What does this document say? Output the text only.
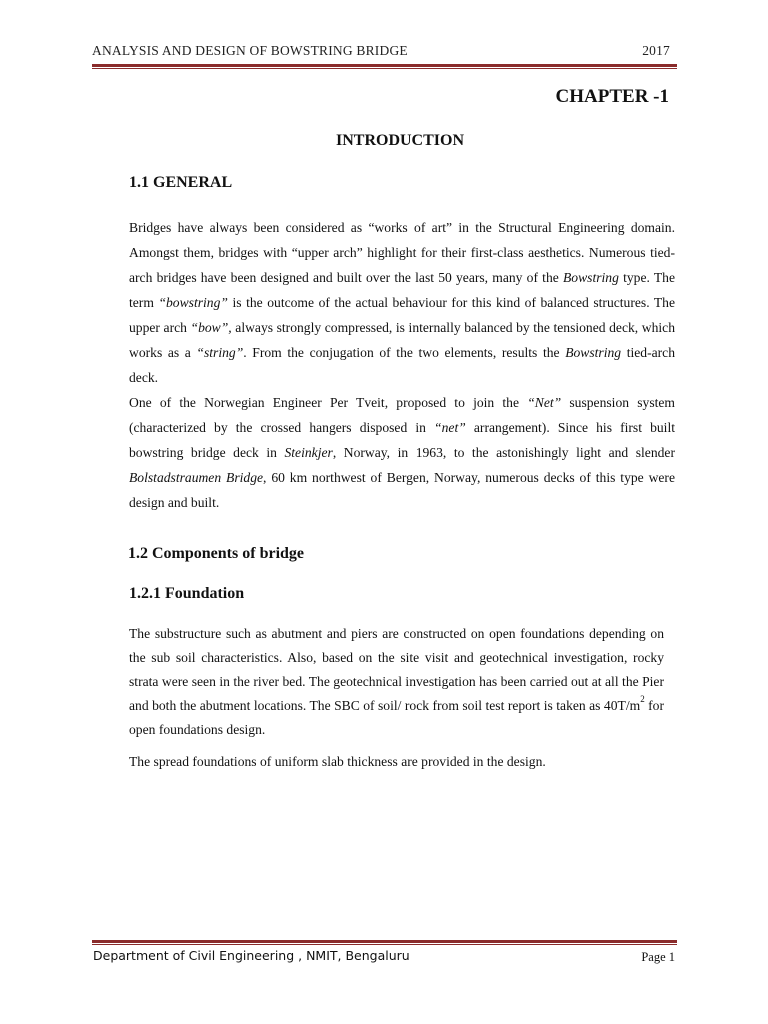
ANALYSIS AND DESIGN OF BOWSTRING BRIDGE	2017
CHAPTER -1
INTRODUCTION
1.1 GENERAL

Bridges have always been considered as “works of art” in the Structural Engineering domain. Amongst them, bridges with “upper arch” highlight for their first-class aesthetics. Numerous tied-arch bridges have been designed and built over the last 50 years, many of the Bowstring type. The term “bowstring” is the outcome of the actual behaviour for this kind of balanced structures. The upper arch “bow”, always strongly compressed, is internally balanced by the tensioned deck, which works as a “string”. From the conjugation of the two elements, results the Bowstring tied-arch deck.

One of the Norwegian Engineer Per Tveit, proposed to join the “Net” suspension system (characterized by the crossed hangers disposed in “net” arrangement). Since his first built bowstring bridge deck in Steinkjer, Norway, in 1963, to the astonishingly light and slender Bolstadstraumen Bridge, 60 km northwest of Bergen, Norway, numerous decks of this type were design and built.

1.2 Components of bridge
1.2.1 Foundation

The substructure such as abutment and piers are constructed on open foundations depending on the sub soil characteristics. Also, based on the site visit and geotechnical investigation, rocky strata were seen in the river bed. The geotechnical investigation has been carried out at all the Pier and both the abutment locations. The SBC of soil/ rock from soil test report is taken as $40T/m^2$ for open foundations design.

The spread foundations of uniform slab thickness are provided in the design.

Department of Civil Engineering , NMIT, Bengaluru	Page 1
